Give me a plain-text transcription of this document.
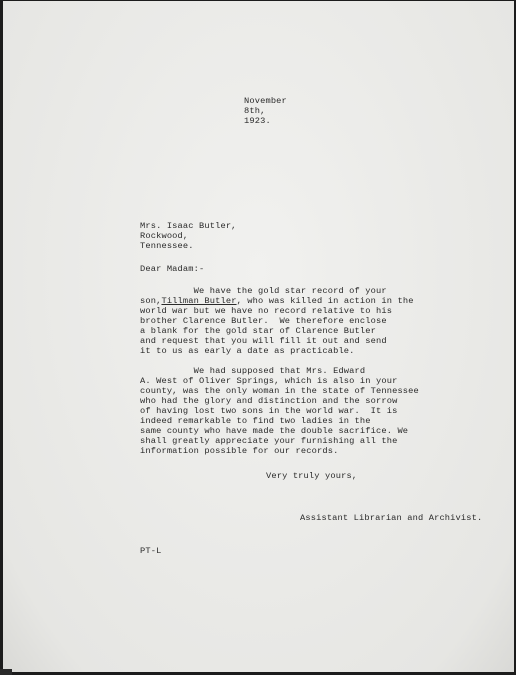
November
8th,
1923.
Mrs. Isaac Butler,
Rockwood,
Tennessee.
Dear Madam:-
We have the gold star record of your
son,Tillman Butler, who was killed in action in the
world war but we have no record relative to his
brother Clarence Butler.  We therefore enclose
a blank for the gold star of Clarence Butler
and request that you will fill it out and send
it to us as early a date as practicable.
We had supposed that Mrs. Edward
A. West of Oliver Springs, which is also in your
county, was the only woman in the state of Tennessee
who had the glory and distinction and the sorrow
of having lost two sons in the world war.  It is
indeed remarkable to find two ladies in the
same county who have made the double sacrifice. We
shall greatly appreciate your furnishing all the
information possible for our records.
Very truly yours,
Assistant Librarian and Archivist.
PT-L
